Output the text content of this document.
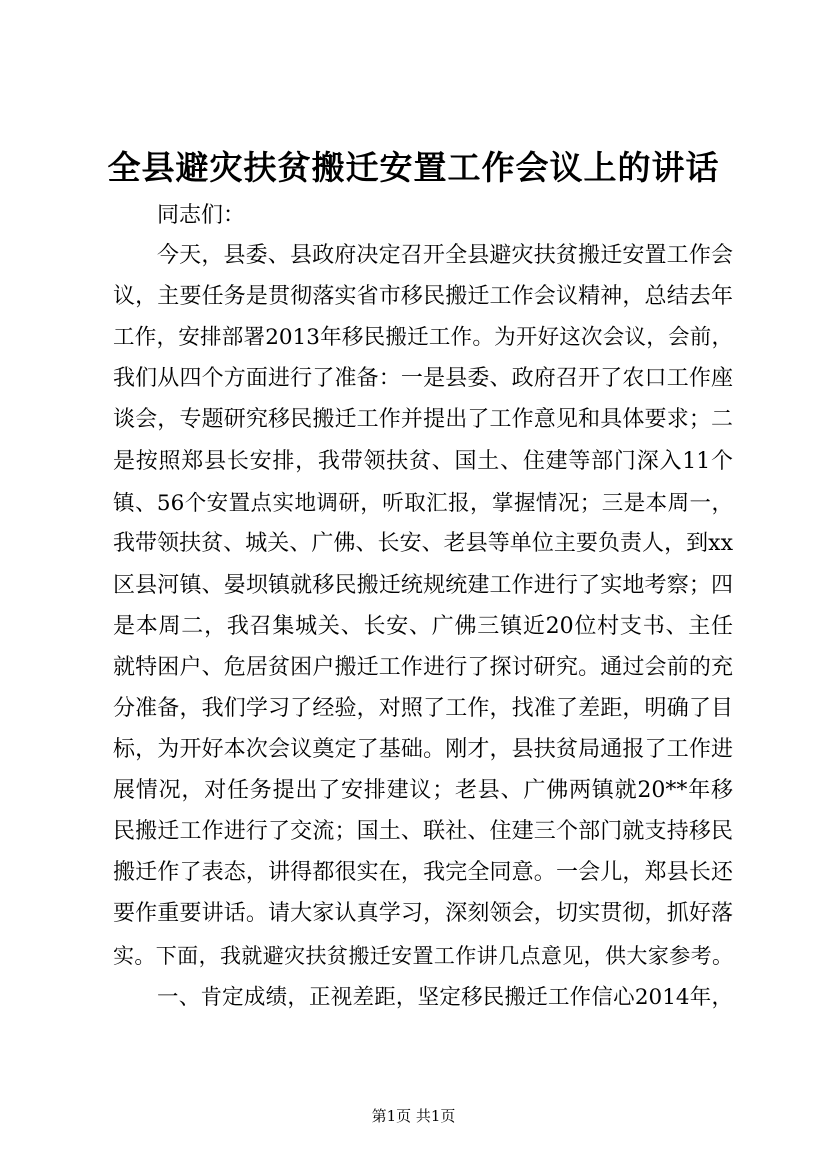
全县避灾扶贫搬迁安置工作会议上的讲话
同志们：
今天，县委、县政府决定召开全县避灾扶贫搬迁安置工作会
议，主要任务是贯彻落实省市移民搬迁工作会议精神，总结去年
工作，安排部署2013年移民搬迁工作。为开好这次会议，会前，
我们从四个方面进行了准备：一是县委、政府召开了农口工作座
谈会，专题研究移民搬迁工作并提出了工作意见和具体要求；二
是按照郑县长安排，我带领扶贫、国土、住建等部门深入11个
镇、56个安置点实地调研，听取汇报，掌握情况；三是本周一，
我带领扶贫、城关、广佛、长安、老县等单位主要负责人，到xx
区县河镇、晏坝镇就移民搬迁统规统建工作进行了实地考察；四
是本周二，我召集城关、长安、广佛三镇近20位村支书、主任
就特困户、危居贫困户搬迁工作进行了探讨研究。通过会前的充
分准备，我们学习了经验，对照了工作，找准了差距，明确了目
标，为开好本次会议奠定了基础。刚才，县扶贫局通报了工作进
展情况，对任务提出了安排建议；老县、广佛两镇就20**年移
民搬迁工作进行了交流；国土、联社、住建三个部门就支持移民
搬迁作了表态，讲得都很实在，我完全同意。一会儿，郑县长还
要作重要讲话。请大家认真学习，深刻领会，切实贯彻，抓好落
实。下面，我就避灾扶贫搬迁安置工作讲几点意见，供大家参考。
一、肯定成绩，正视差距，坚定移民搬迁工作信心2014年，
第1页 共1页
